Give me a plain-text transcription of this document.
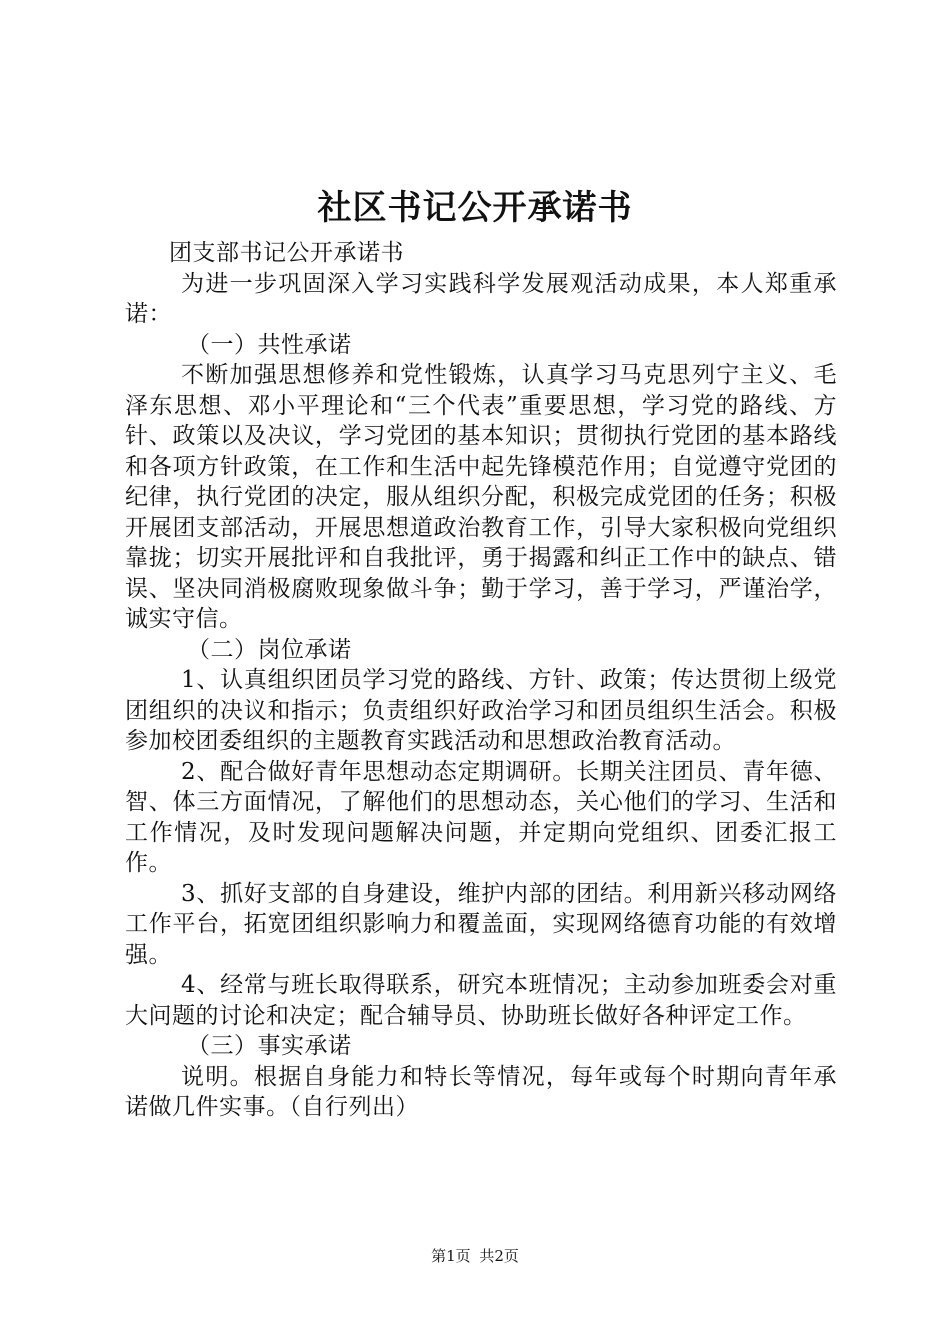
社区书记公开承诺书

团支部书记公开承诺书

为进一步巩固深入学习实践科学发展观活动成果，本人郑重承诺：

（一）共性承诺

不断加强思想修养和党性锻炼，认真学习马克思列宁主义、毛泽东思想、邓小平理论和“三个代表”重要思想，学习党的路线、方针、政策以及决议，学习党团的基本知识；贯彻执行党团的基本路线和各项方针政策，在工作和生活中起先锋模范作用；自觉遵守党团的纪律，执行党团的决定，服从组织分配，积极完成党团的任务；积极开展团支部活动，开展思想道政治教育工作，引导大家积极向党组织靠拢；切实开展批评和自我批评，勇于揭露和纠正工作中的缺点、错误、坚决同消极腐败现象做斗争；勤于学习，善于学习，严谨治学，诚实守信。

（二）岗位承诺

1、认真组织团员学习党的路线、方针、政策；传达贯彻上级党团组织的决议和指示；负责组织好政治学习和团员组织生活会。积极参加校团委组织的主题教育实践活动和思想政治教育活动。

2、配合做好青年思想动态定期调研。长期关注团员、青年德、智、体三方面情况，了解他们的思想动态，关心他们的学习、生活和工作情况，及时发现问题解决问题，并定期向党组织、团委汇报工作。

3、抓好支部的自身建设，维护内部的团结。利用新兴移动网络工作平台，拓宽团组织影响力和覆盖面，实现网络德育功能的有效增强。

4、经常与班长取得联系，研究本班情况；主动参加班委会对重大问题的讨论和决定；配合辅导员、协助班长做好各种评定工作。

（三）事实承诺

说明。根据自身能力和特长等情况，每年或每个时期向青年承诺做几件实事。（自行列出）

第1页 共2页
